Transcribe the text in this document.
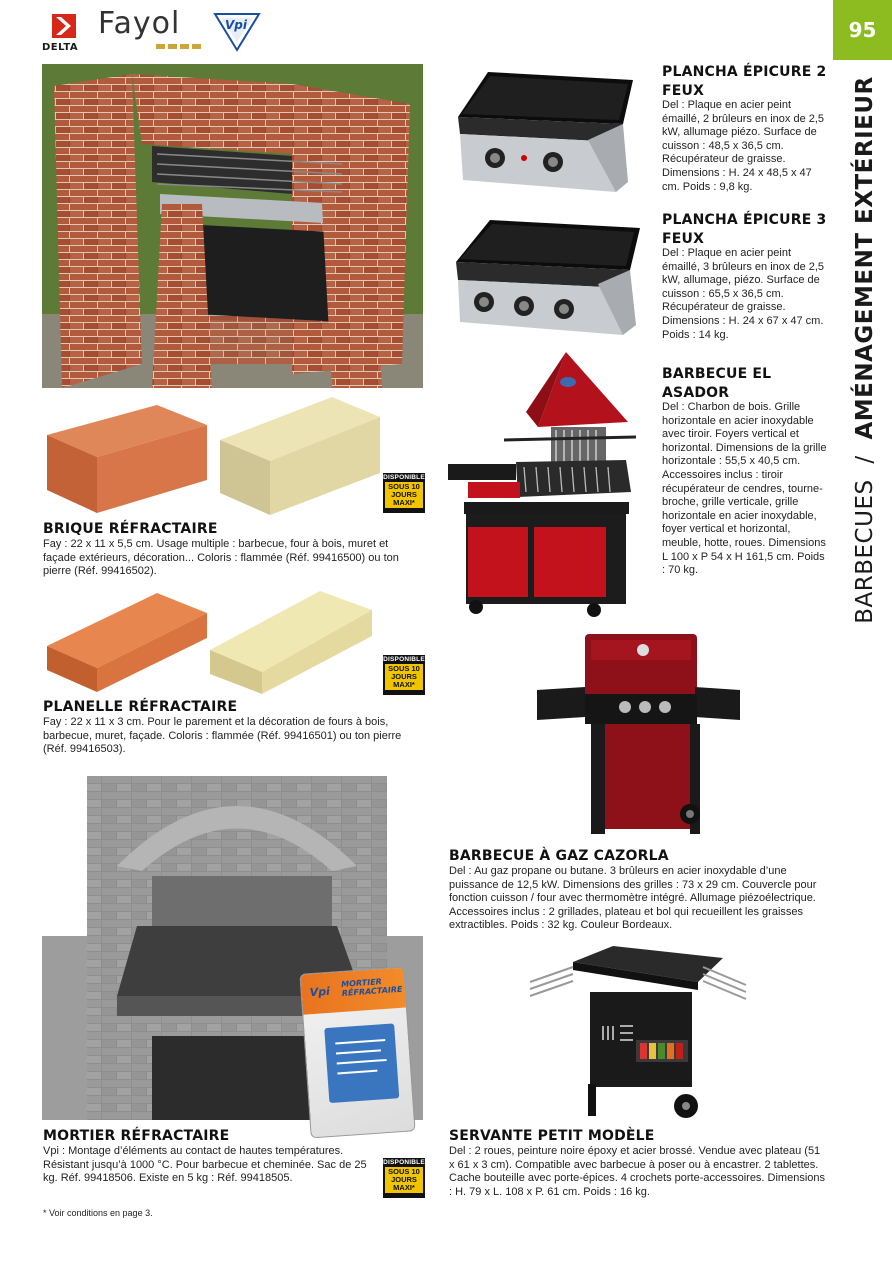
DELTA
Fayol	Vpi	95
BARBECUES / AMÉNAGEMENT EXTÉRIEUR
DISPONIBLE
SOUS 10 JOURS MAXI*
BRIQUE RÉFRACTAIRE
Fay : 22 x 11 x 5,5 cm. Usage multiple : barbecue, four à bois, muret et façade extérieurs, décoration... Coloris : flammée (Réf. 99416500) ou ton pierre (Réf. 99416502).
DISPONIBLE
SOUS 10 JOURS MAXI*
PLANELLE RÉFRACTAIRE
Fay : 22 x 11 x 3 cm. Pour le parement et la décoration de fours à bois, barbecue, muret, façade. Coloris : flammée (Réf. 99416501) ou ton pierre (Réf. 99416503).
Vpi
MORTIER RÉFRACTAIRE
MORTIER RÉFRACTAIRE
Vpi : Montage d’éléments au contact de hautes températures. Résistant jusqu’à 1000 °C. Pour barbecue et cheminée. Sac de 25 kg. Réf. 99418506. Existe en 5 kg : Réf. 99418505.
DISPONIBLE
SOUS 10 JOURS MAXI*
* Voir conditions en page 3.
PLANCHA ÉPICURE 2 FEUX
Del : Plaque en acier peint émaillé, 2 brûleurs en inox de 2,5 kW, allumage piézo. Surface de cuisson : 48,5 x 36,5 cm. Récupérateur de graisse. Dimensions : H. 24 x 48,5 x 47 cm. Poids : 9,8 kg.
PLANCHA ÉPICURE 3 FEUX
Del : Plaque en acier peint émaillé, 3 brûleurs en inox de 2,5 kW, allumage, piézo. Surface de cuisson : 65,5 x 36,5 cm. Récupérateur de graisse. Dimensions : H. 24 x 67 x 47 cm. Poids : 14 kg.
BARBECUE EL ASADOR
Del : Charbon de bois. Grille horizontale en acier inoxydable avec tiroir. Foyers vertical et horizontal. Dimensions de la grille horizontale : 55,5 x 40,5 cm. Accessoires inclus : tiroir récupérateur de cendres, tourne-broche, grille verticale, grille horizontale en acier inoxydable, foyer vertical et horizontal, meuble, hotte, roues. Dimensions L 100 x P 54 x H 161,5 cm. Poids : 70 kg.
BARBECUE À GAZ CAZORLA
Del : Au gaz propane ou butane. 3 brûleurs en acier inoxydable d’une puissance de 12,5 kW. Dimensions des grilles : 73 x 29 cm. Couvercle pour fonction cuisson / four avec thermomètre intégré. Allumage piézoélectrique. Accessoires inclus : 2 grillades, plateau et bol qui recueillent les graisses extractibles. Poids : 32 kg. Couleur Bordeaux.
SERVANTE PETIT MODÈLE
Del : 2 roues, peinture noire époxy et acier brossé. Vendue avec plateau (51 x 61 x 3 cm). Compatible avec barbecue à poser ou à encastrer. 2 tablettes. Cache bouteille avec porte-épices. 4 crochets porte-accessoires. Dimensions : H. 79 x L. 108 x P. 61 cm. Poids : 16 kg.
